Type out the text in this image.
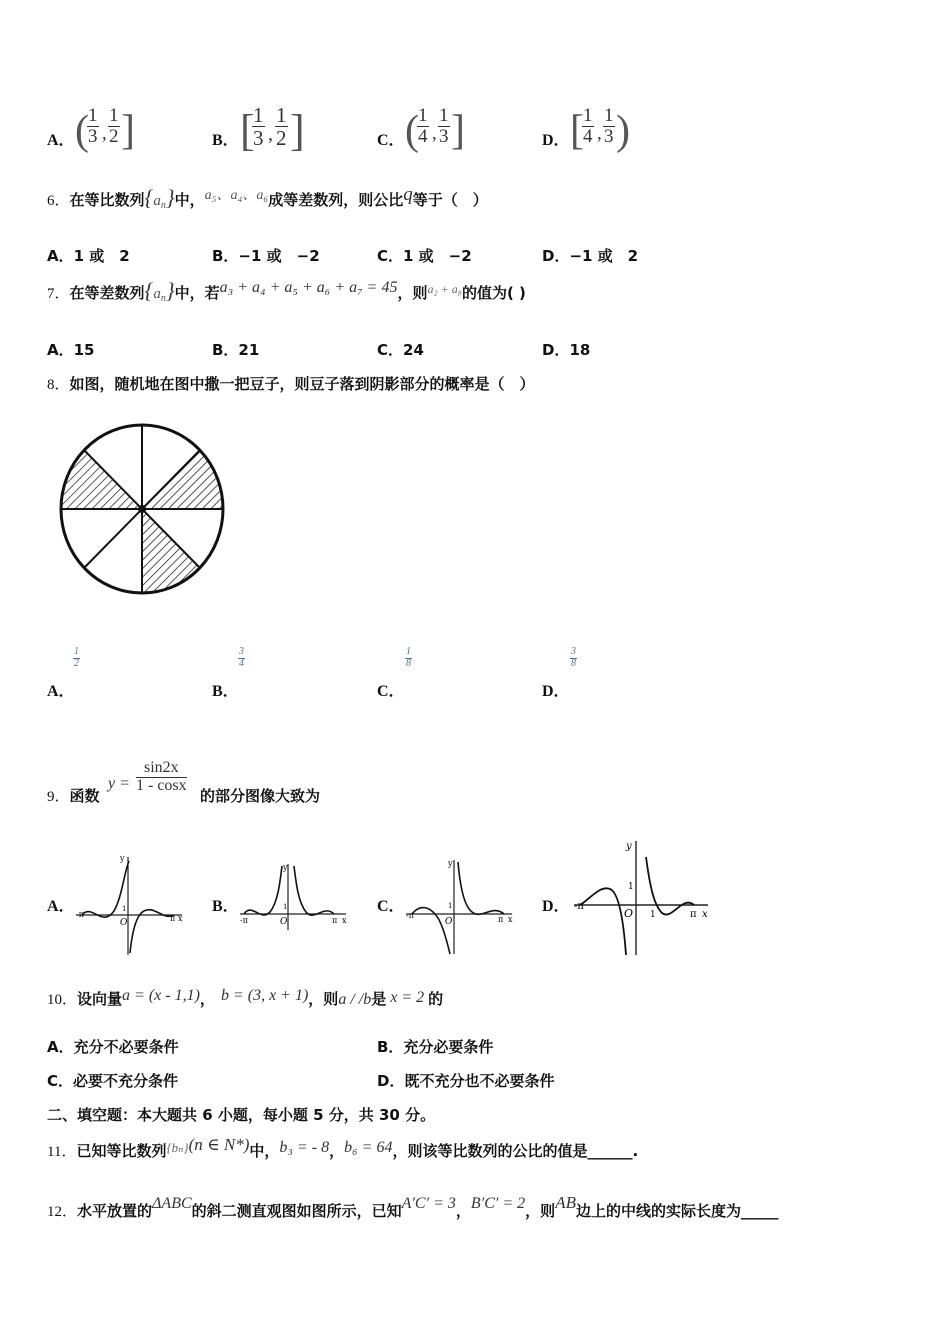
A． (
$\frac{1}{3}$ , $\frac{1}{2}$ ]	B． [
$\frac{1}{3}$ , $\frac{1}{2}$ ]	C． (
$\frac{1}{4}$ , $\frac{1}{3}$ ]	D． [
$\frac{1}{4}$ , $\frac{1}{3}$ )
6．在等比数列$\{a_n\}$中，a₅、a₄、a₆成等差数列，则公比q等于（　）
A．1 或　2	B．−1 或　−2	C．1 或　−2	D．−1 或　2
7．在等差数列$\{a_n\}$中，若a₃ + a₄ + a₅ + a₆ + a₇ = 45，则$^{a_2 + a_8}$的值为( )
A．15	B．21	C．24	D．18
8．如图，随机地在图中撒一把豆子，则豆子落到阴影部分的概率是（　）
$\frac{1}{2}$
A．
$\frac{3}{4}$
B．
$\frac{1}{8}$
C．
$\frac{3}{8}$
D．
9．函数
$y = \frac{\sin 2x}{1 - \cos x}$
的部分图像大致为
A．
y
1
O
-π	π x
B．
y
1
O
-π	π x
C．
y
1
O
-π	π x
D．
y
1
O
-π
1	π x
10．设向量a = (x - 1,1)， b = (3, x + 1)，则a / /b是 x = 2 的
A．充分不必要条件	B．充分必要条件
C．必要不充分条件	D．既不充分也不必要条件
二、填空题：本大题共 6 小题，每小题 5 分，共 30 分。
11．已知等比数列{bₙ}(n ∈ N*)中，b₃ = - 8，b₆ = 64，则该等比数列的公比的值是______.
12．水平放置的ΔABC的斜二测直观图如图所示，已知A′C′ = 3，B′C′ = 2，则AB边上的中线的实际长度为_____
